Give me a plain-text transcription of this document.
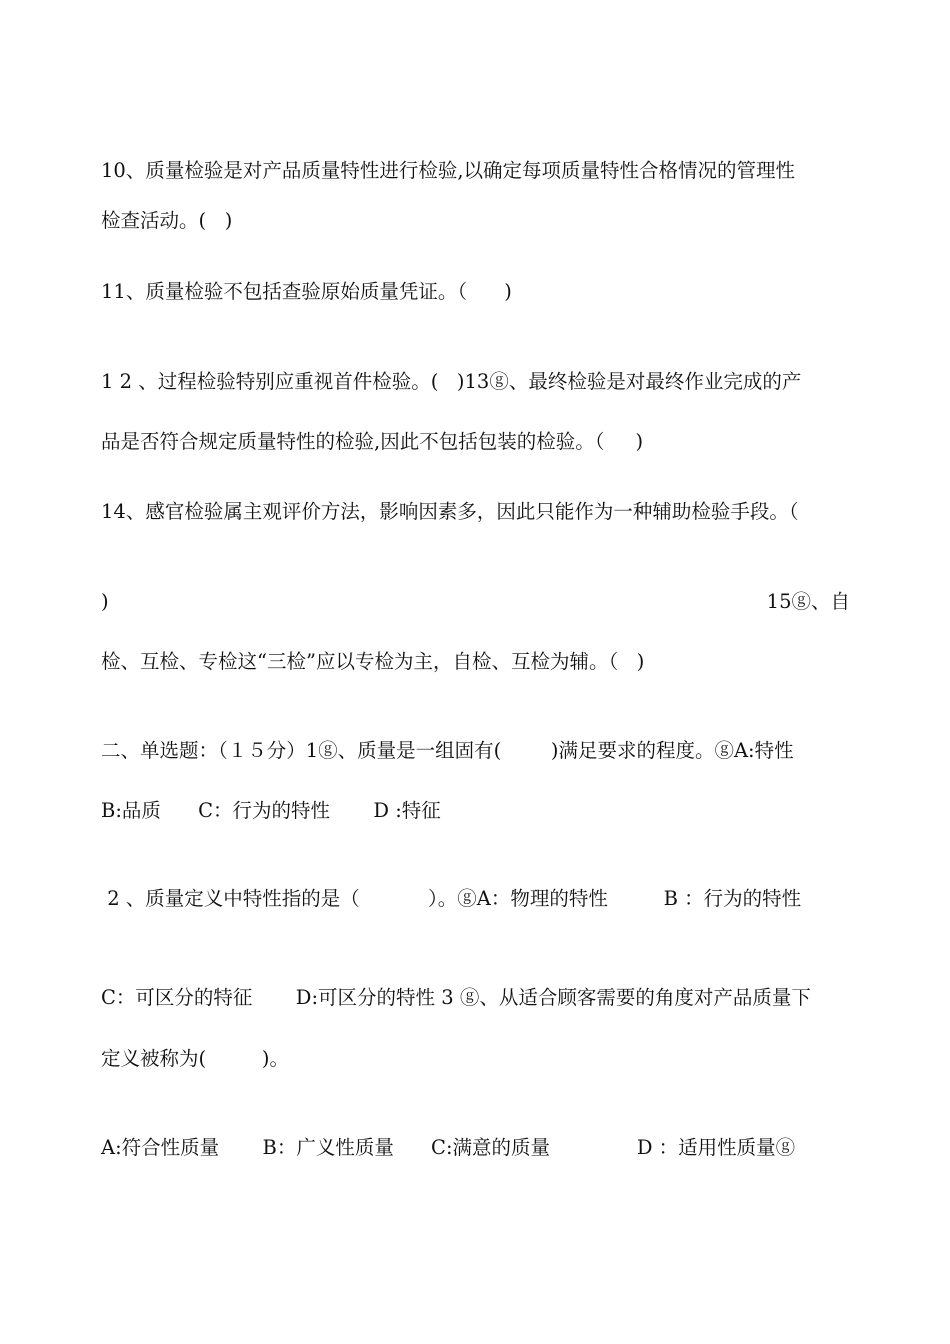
10、质量检验是对产品质量特性进行检验,以确定每项质量特性合格情况的管理性
检查活动。(   )
11、质量检验不包括查验原始质量凭证。（      )
1 2 、过程检验特别应重视首件检验。(   )13ⓖ、最终检验是对最终作业完成的产
品是否符合规定质量特性的检验,因此不包括包装的检验。（     )
14、感官检验属主观评价方法，影响因素多，因此只能作为一种辅助检验手段。（
)	15ⓖ、自
检、互检、专检这“三检”应以专检为主，自检、互检为辅。（   )
二、单选题：（１５分）1ⓖ、质量是一组固有(        )满足要求的程度。ⓖA:特性
B:品质      C：行为的特性       D :特征
2 、质量定义中特性指的是（           ）。ⓖA：物理的特性         B ：行为的特性
C：可区分的特征       D:可区分的特性 3 ⓖ、从适合顾客需要的角度对产品质量下
定义被称为(         )。
A:符合性质量       B：广义性质量      C:满意的质量              D ：适用性质量ⓖ
